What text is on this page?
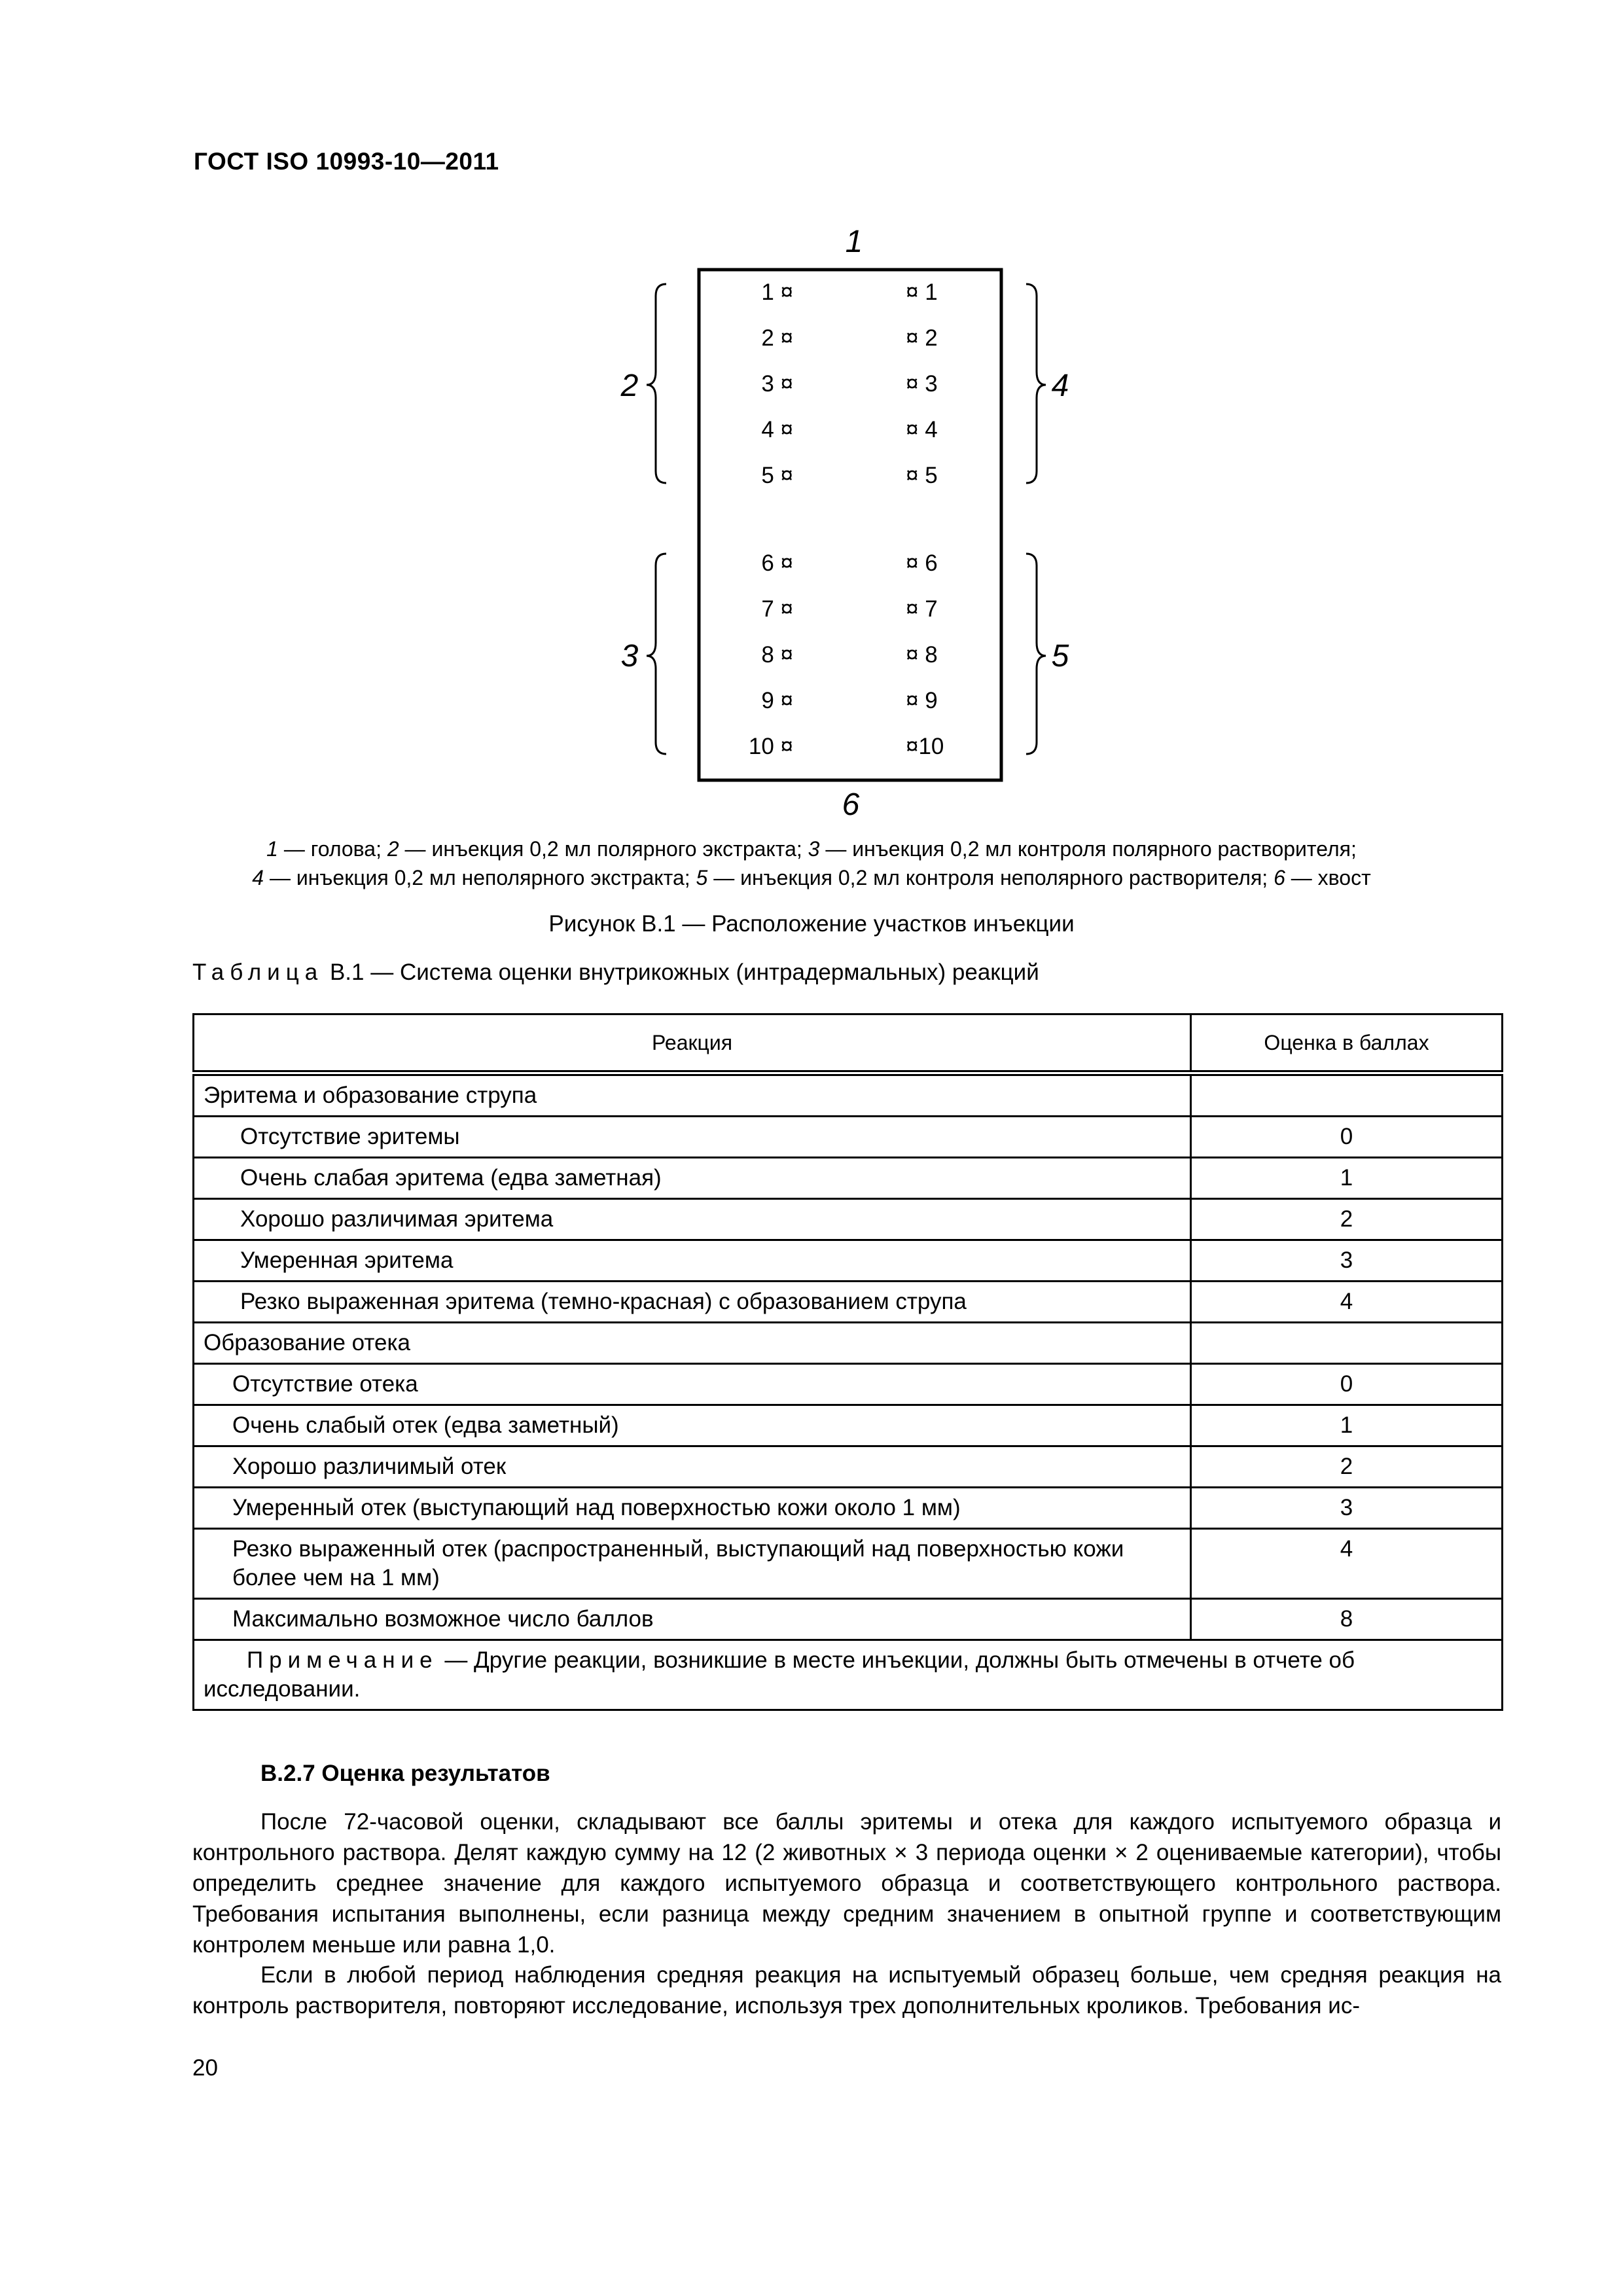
ГОСТ ISO 10993-10—2011
1
1 ¤	¤ 1
2 ¤	¤ 2
3 ¤	¤ 3
4 ¤	¤ 4
5 ¤	¤ 5
6 ¤	¤ 6
7 ¤	¤ 7
8 ¤	¤ 8
9 ¤	¤ 9
10 ¤	¤10
2
3
4
5
6
1 — голова; 2 — инъекция 0,2 мл полярного экстракта; 3 — инъекция 0,2 мл контроля полярного растворителя;
4 — инъекция 0,2 мл неполярного экстракта; 5 — инъекция 0,2 мл контроля неполярного растворителя; 6 — хвост
Рисунок В.1 — Расположение участков инъекции
Таблица В.1 — Система оценки внутрикожных (интрадермальных) реакций
Реакция	Оценка в баллах
Эритема и образование струпа	
Отсутствие эритемы	0
Очень слабая эритема (едва заметная)	1
Хорошо различимая эритема	2
Умеренная эритема	3
Резко выраженная эритема (темно-красная) с образованием струпа	4
Образование отека	
Отсутствие отека	0
Очень слабый отек (едва заметный)	1
Хорошо различимый отек	2
Умеренный отек (выступающий над поверхностью кожи около 1 мм)	3
Резко выраженный отек (распространенный, выступающий над поверхностью кожи более чем на 1 мм)	4
Максимально возможное число баллов	8
Примечание — Другие реакции, возникшие в месте инъекции, должны быть отмечены в отчете об исследовании.	
В.2.7 Оценка результатов
После 72-часовой оценки, складывают все баллы эритемы и отека для каждого испытуемого образца и контрольного раствора. Делят каждую сумму на 12 (2 животных × 3 периода оценки × 2 оцениваемые категории), чтобы определить среднее значение для каждого испытуемого образца и соответствующего контрольного раствора. Требования испытания выполнены, если разница между средним значением в опытной группе и соответствующим контролем меньше или равна 1,0.
Если в любой период наблюдения средняя реакция на испытуемый образец больше, чем средняя реакция на контроль растворителя, повторяют исследование, используя трех дополнительных кроликов. Требования ис-
20
